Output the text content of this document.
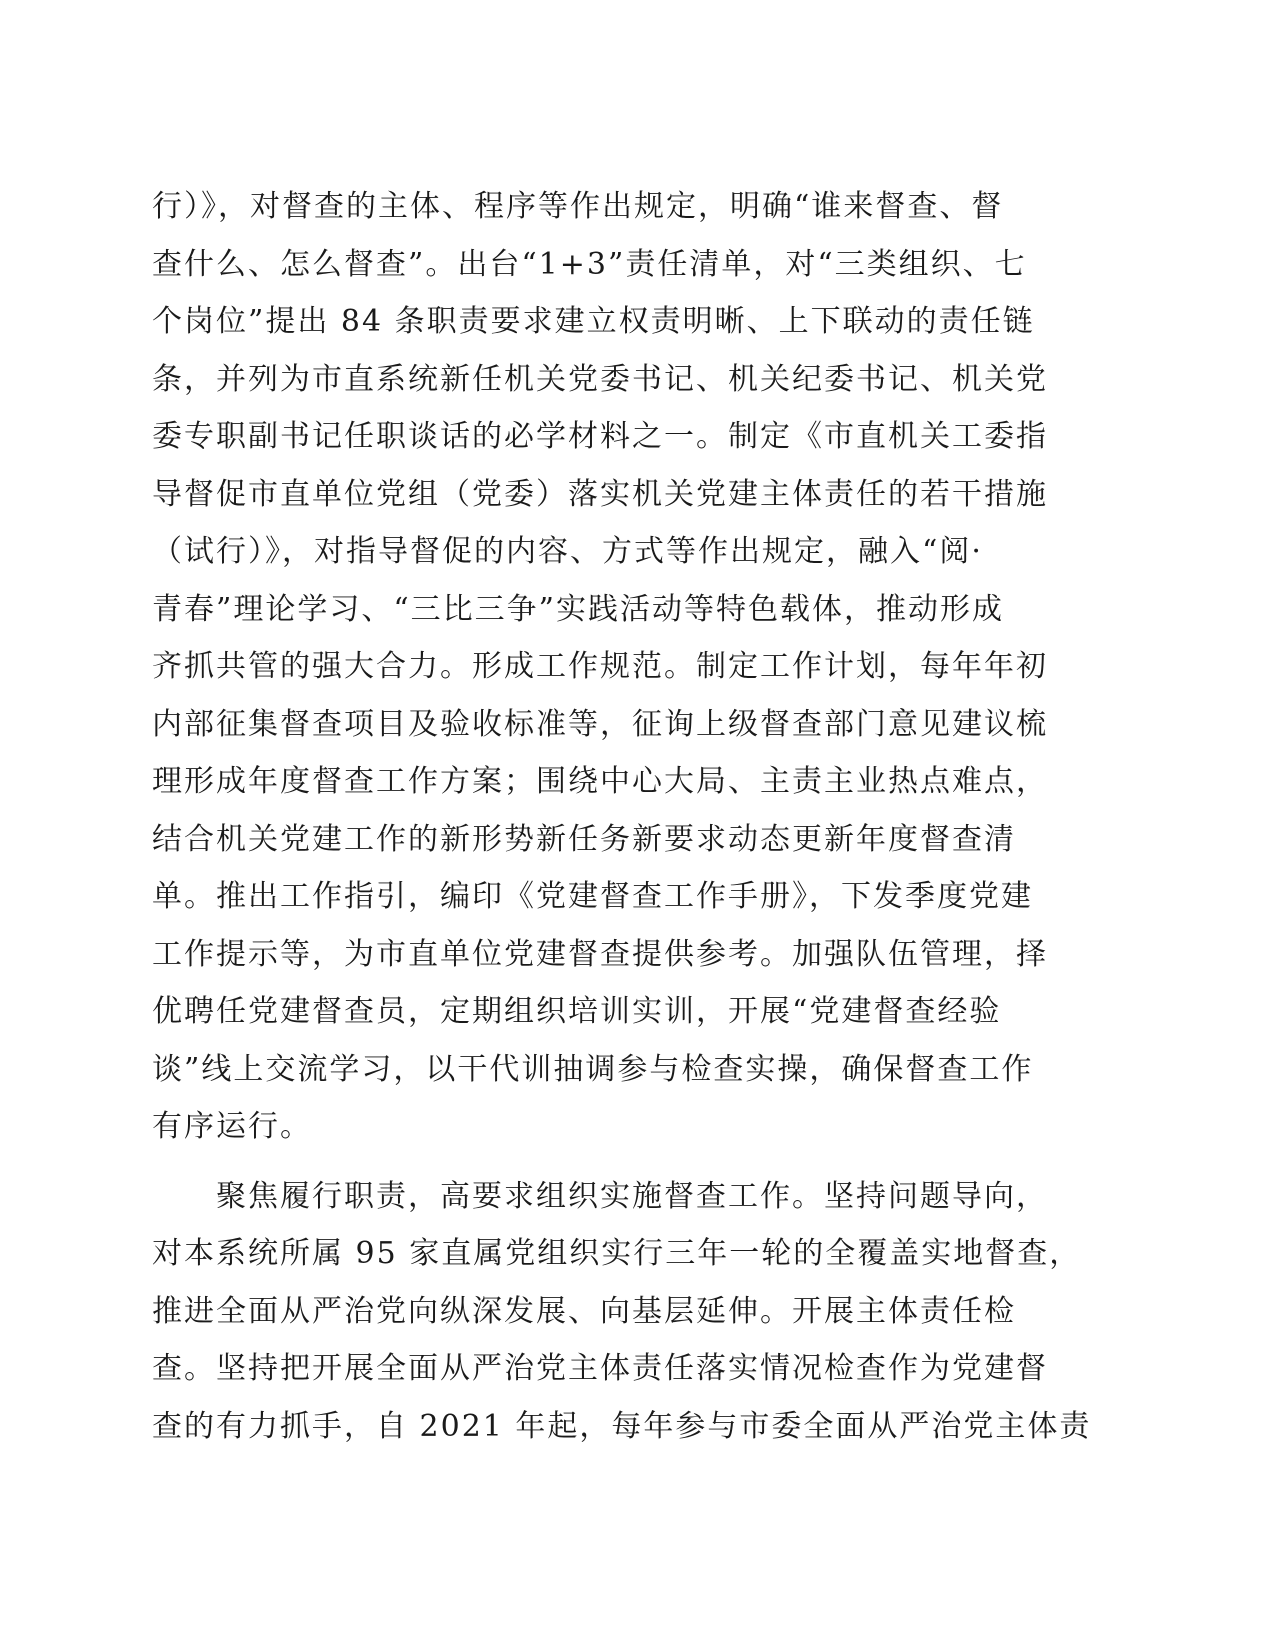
行）》，对督查的主体、程序等作出规定，明确“谁来督查、督
查什么、怎么督查”。出台“1+3”责任清单，对“三类组织、七
个岗位”提出 84 条职责要求建立权责明晰、上下联动的责任链
条，并列为市直系统新任机关党委书记、机关纪委书记、机关党
委专职副书记任职谈话的必学材料之一。制定《市直机关工委指
导督促市直单位党组（党委）落实机关党建主体责任的若干措施
（试行）》，对指导督促的内容、方式等作出规定，融入“阅·
青春”理论学习、“三比三争”实践活动等特色载体，推动形成
齐抓共管的强大合力。形成工作规范。制定工作计划，每年年初
内部征集督查项目及验收标准等，征询上级督查部门意见建议梳
理形成年度督查工作方案；围绕中心大局、主责主业热点难点，
结合机关党建工作的新形势新任务新要求动态更新年度督查清
单。推出工作指引，编印《党建督查工作手册》，下发季度党建
工作提示等，为市直单位党建督查提供参考。加强队伍管理，择
优聘任党建督查员，定期组织培训实训，开展“党建督查经验
谈”线上交流学习，以干代训抽调参与检查实操，确保督查工作
有序运行。
聚焦履行职责，高要求组织实施督查工作。坚持问题导向，
对本系统所属 95 家直属党组织实行三年一轮的全覆盖实地督查，
推进全面从严治党向纵深发展、向基层延伸。开展主体责任检
查。坚持把开展全面从严治党主体责任落实情况检查作为党建督
查的有力抓手，自 2021 年起，每年参与市委全面从严治党主体责
